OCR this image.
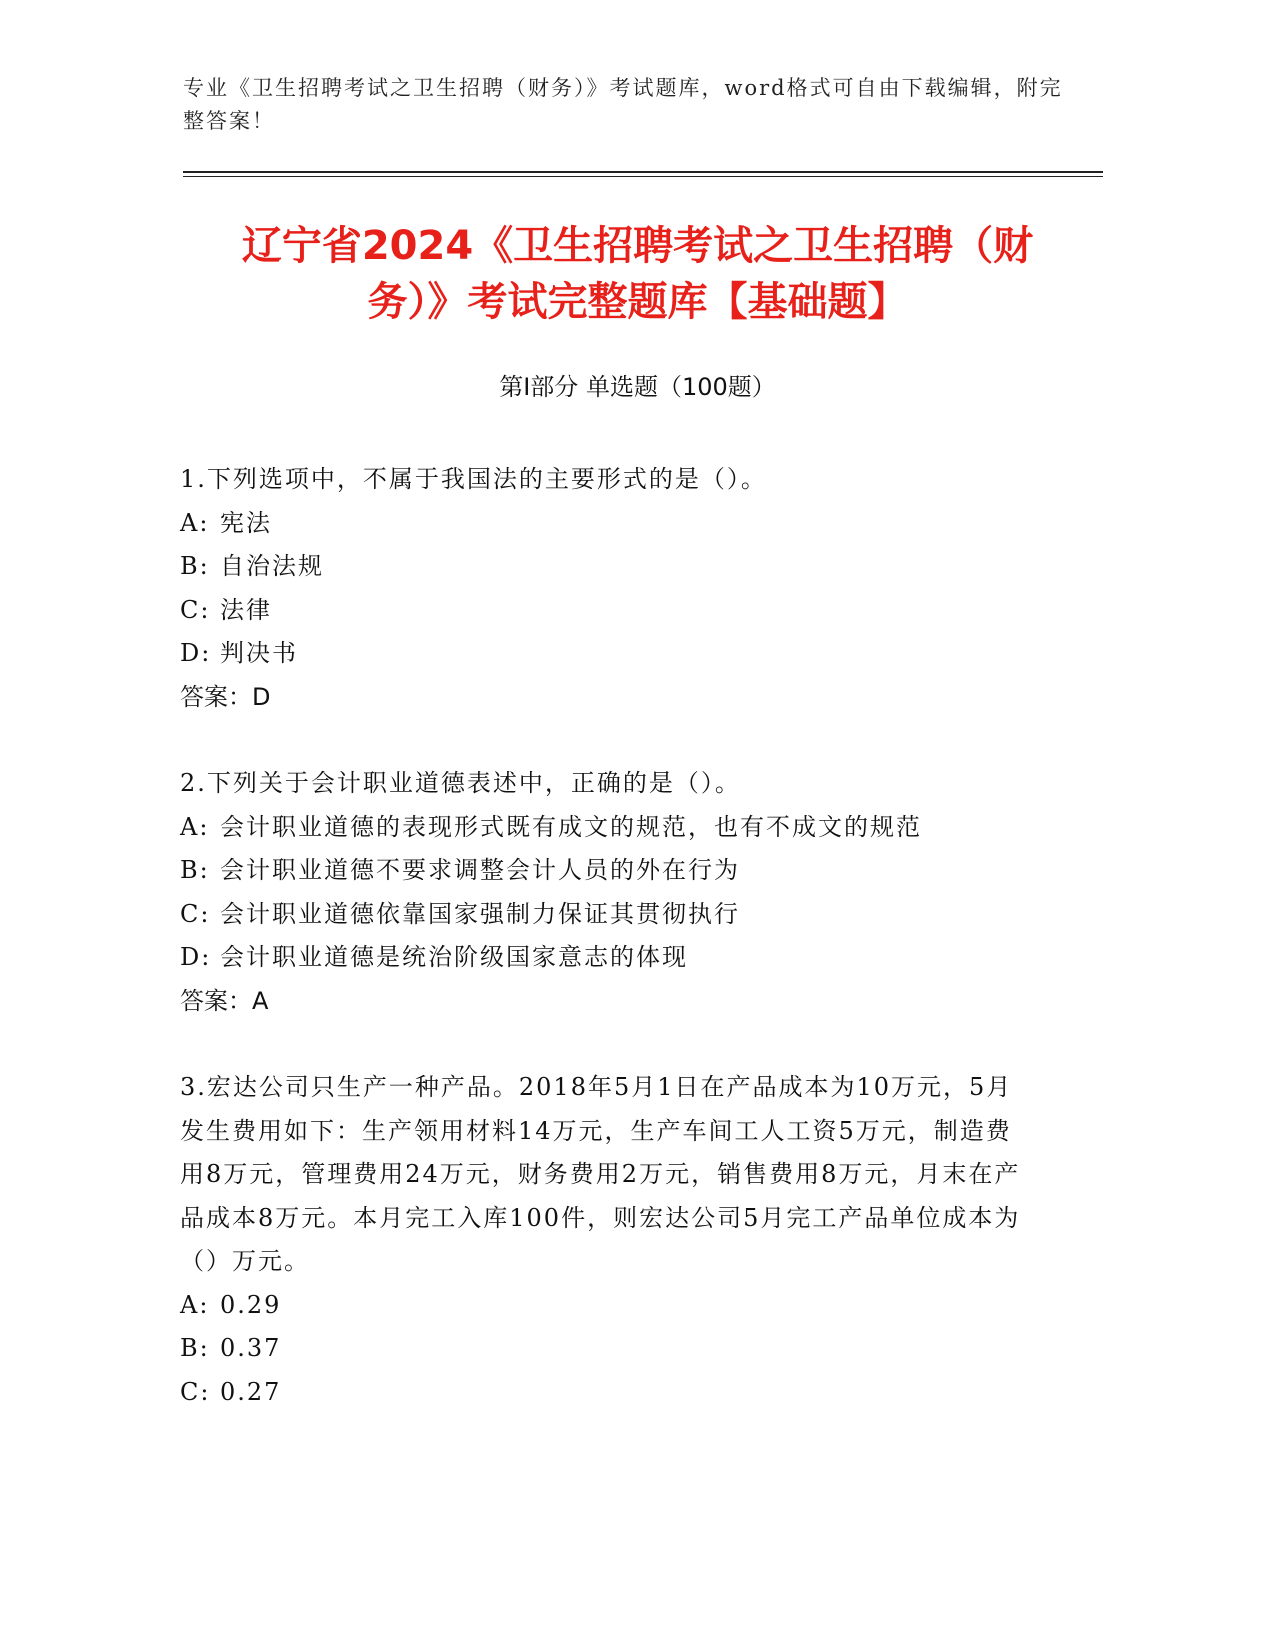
专业《卫生招聘考试之卫生招聘（财务）》考试题库，word格式可自由下载编辑，附完整答案！
辽宁省2024《卫生招聘考试之卫生招聘（财
务）》考试完整题库【基础题】
第I部分 单选题（100题）

1.下列选项中，不属于我国法的主要形式的是（）。

A: 宪法

B: 自治法规

C: 法律

D: 判决书

答案：D

2.下列关于会计职业道德表述中，正确的是（）。

A: 会计职业道德的表现形式既有成文的规范，也有不成文的规范

B: 会计职业道德不要求调整会计人员的外在行为

C: 会计职业道德依靠国家强制力保证其贯彻执行

D: 会计职业道德是统治阶级国家意志的体现

答案：A

3.宏达公司只生产一种产品。2018年5月1日在产品成本为10万元，5月发生费用如下：生产领用材料14万元，生产车间工人工资5万元，制造费用8万元，管理费用24万元，财务费用2万元，销售费用8万元，月末在产品成本8万元。本月完工入库100件，则宏达公司5月完工产品单位成本为（）万元。

A: 0.29

B: 0.37

C: 0.27
